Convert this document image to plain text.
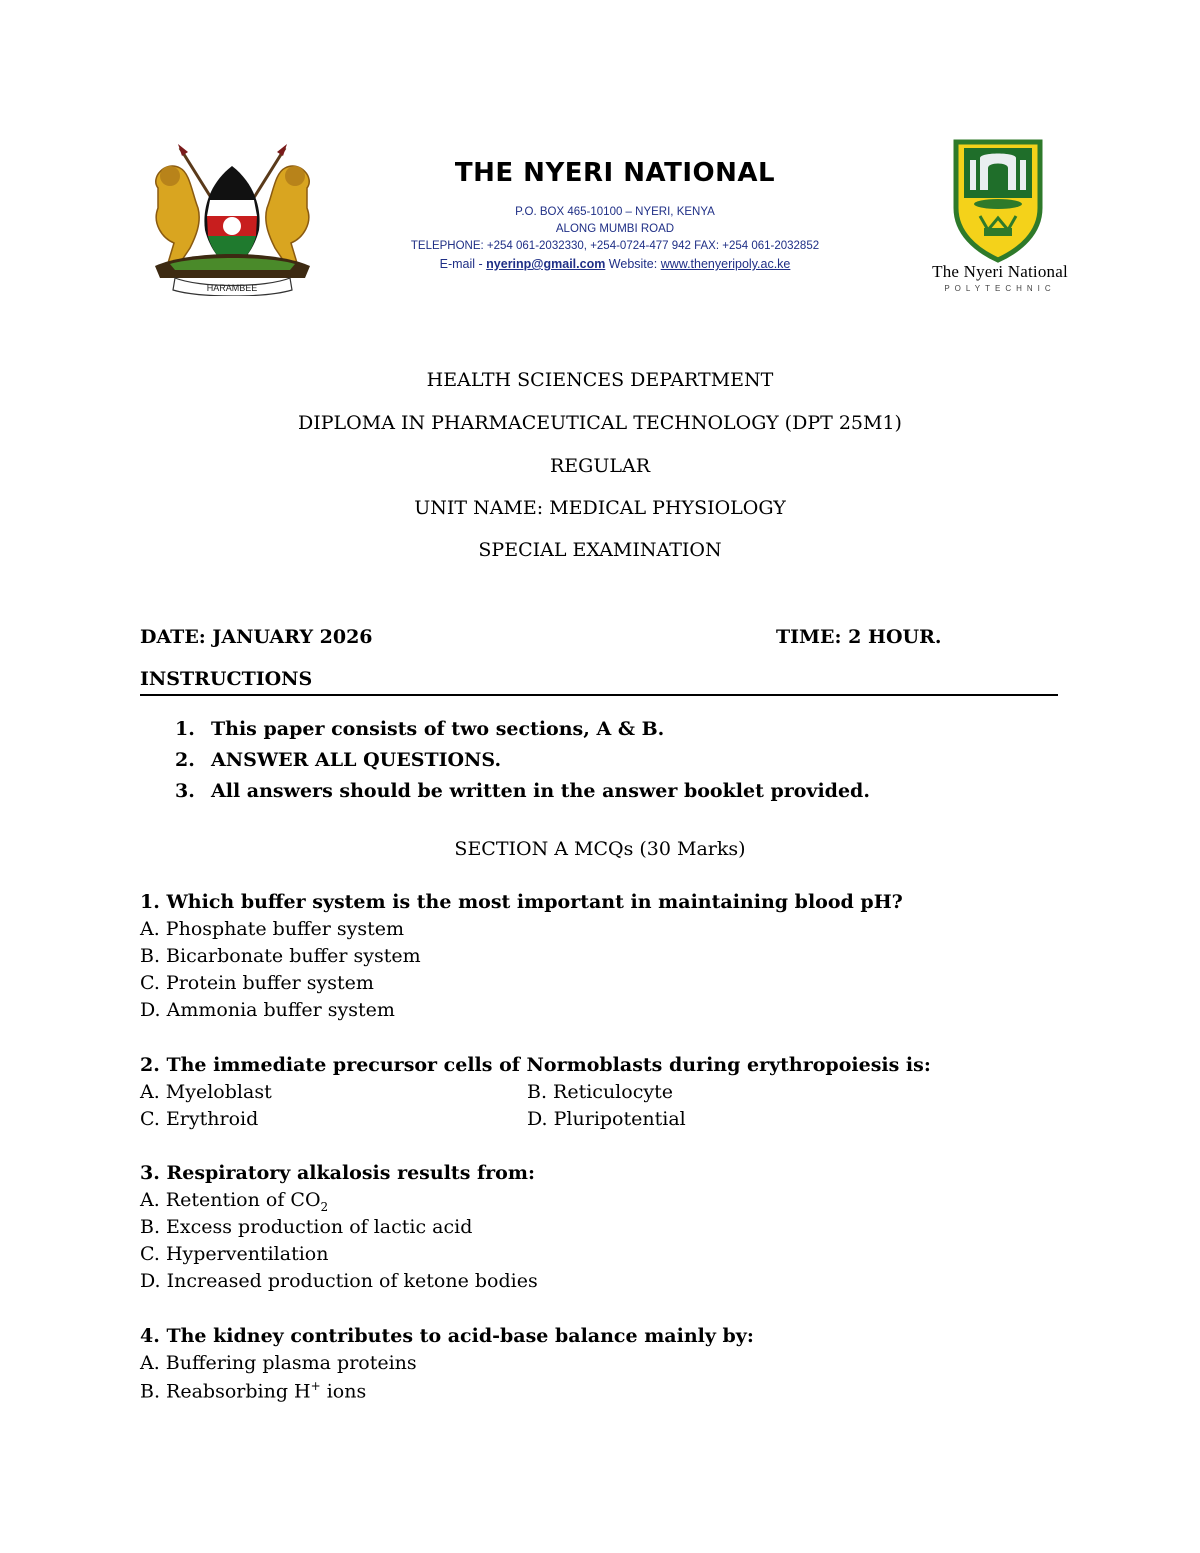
HARAMBEE
The Nyeri National
POLYTECHNIC
THE NYERI NATIONAL
P.O. BOX 465-10100 – NYERI, KENYA
ALONG MUMBI ROAD
TELEPHONE: +254 061-2032330, +254-0724-477 942 FAX: +254 061-2032852
E-mail - nyerinp@gmail.com Website: www.thenyeripoly.ac.ke
HEALTH SCIENCES DEPARTMENT
DIPLOMA IN PHARMACEUTICAL TECHNOLOGY (DPT 25M1)
REGULAR
UNIT NAME: MEDICAL PHYSIOLOGY
SPECIAL EXAMINATION
DATE: JANUARY 2026	TIME: 2 HOUR.
INSTRUCTIONS
1. This paper consists of two sections, A & B.
2. ANSWER ALL QUESTIONS.
3. All answers should be written in the answer booklet provided.
SECTION A MCQs (30 Marks)
1. Which buffer system is the most important in maintaining blood pH?
A. Phosphate buffer system
B. Bicarbonate buffer system
C. Protein buffer system
D. Ammonia buffer system
2. The immediate precursor cells of Normoblasts during erythropoiesis is:
A. Myeloblast	B. Reticulocyte
C. Erythroid	D. Pluripotential
3. Respiratory alkalosis results from:
A. Retention of $CO_2$
B. Excess production of lactic acid
C. Hyperventilation
D. Increased production of ketone bodies
4. The kidney contributes to acid-base balance mainly by:
A. Buffering plasma proteins
B. Reabsorbing H+ ions
